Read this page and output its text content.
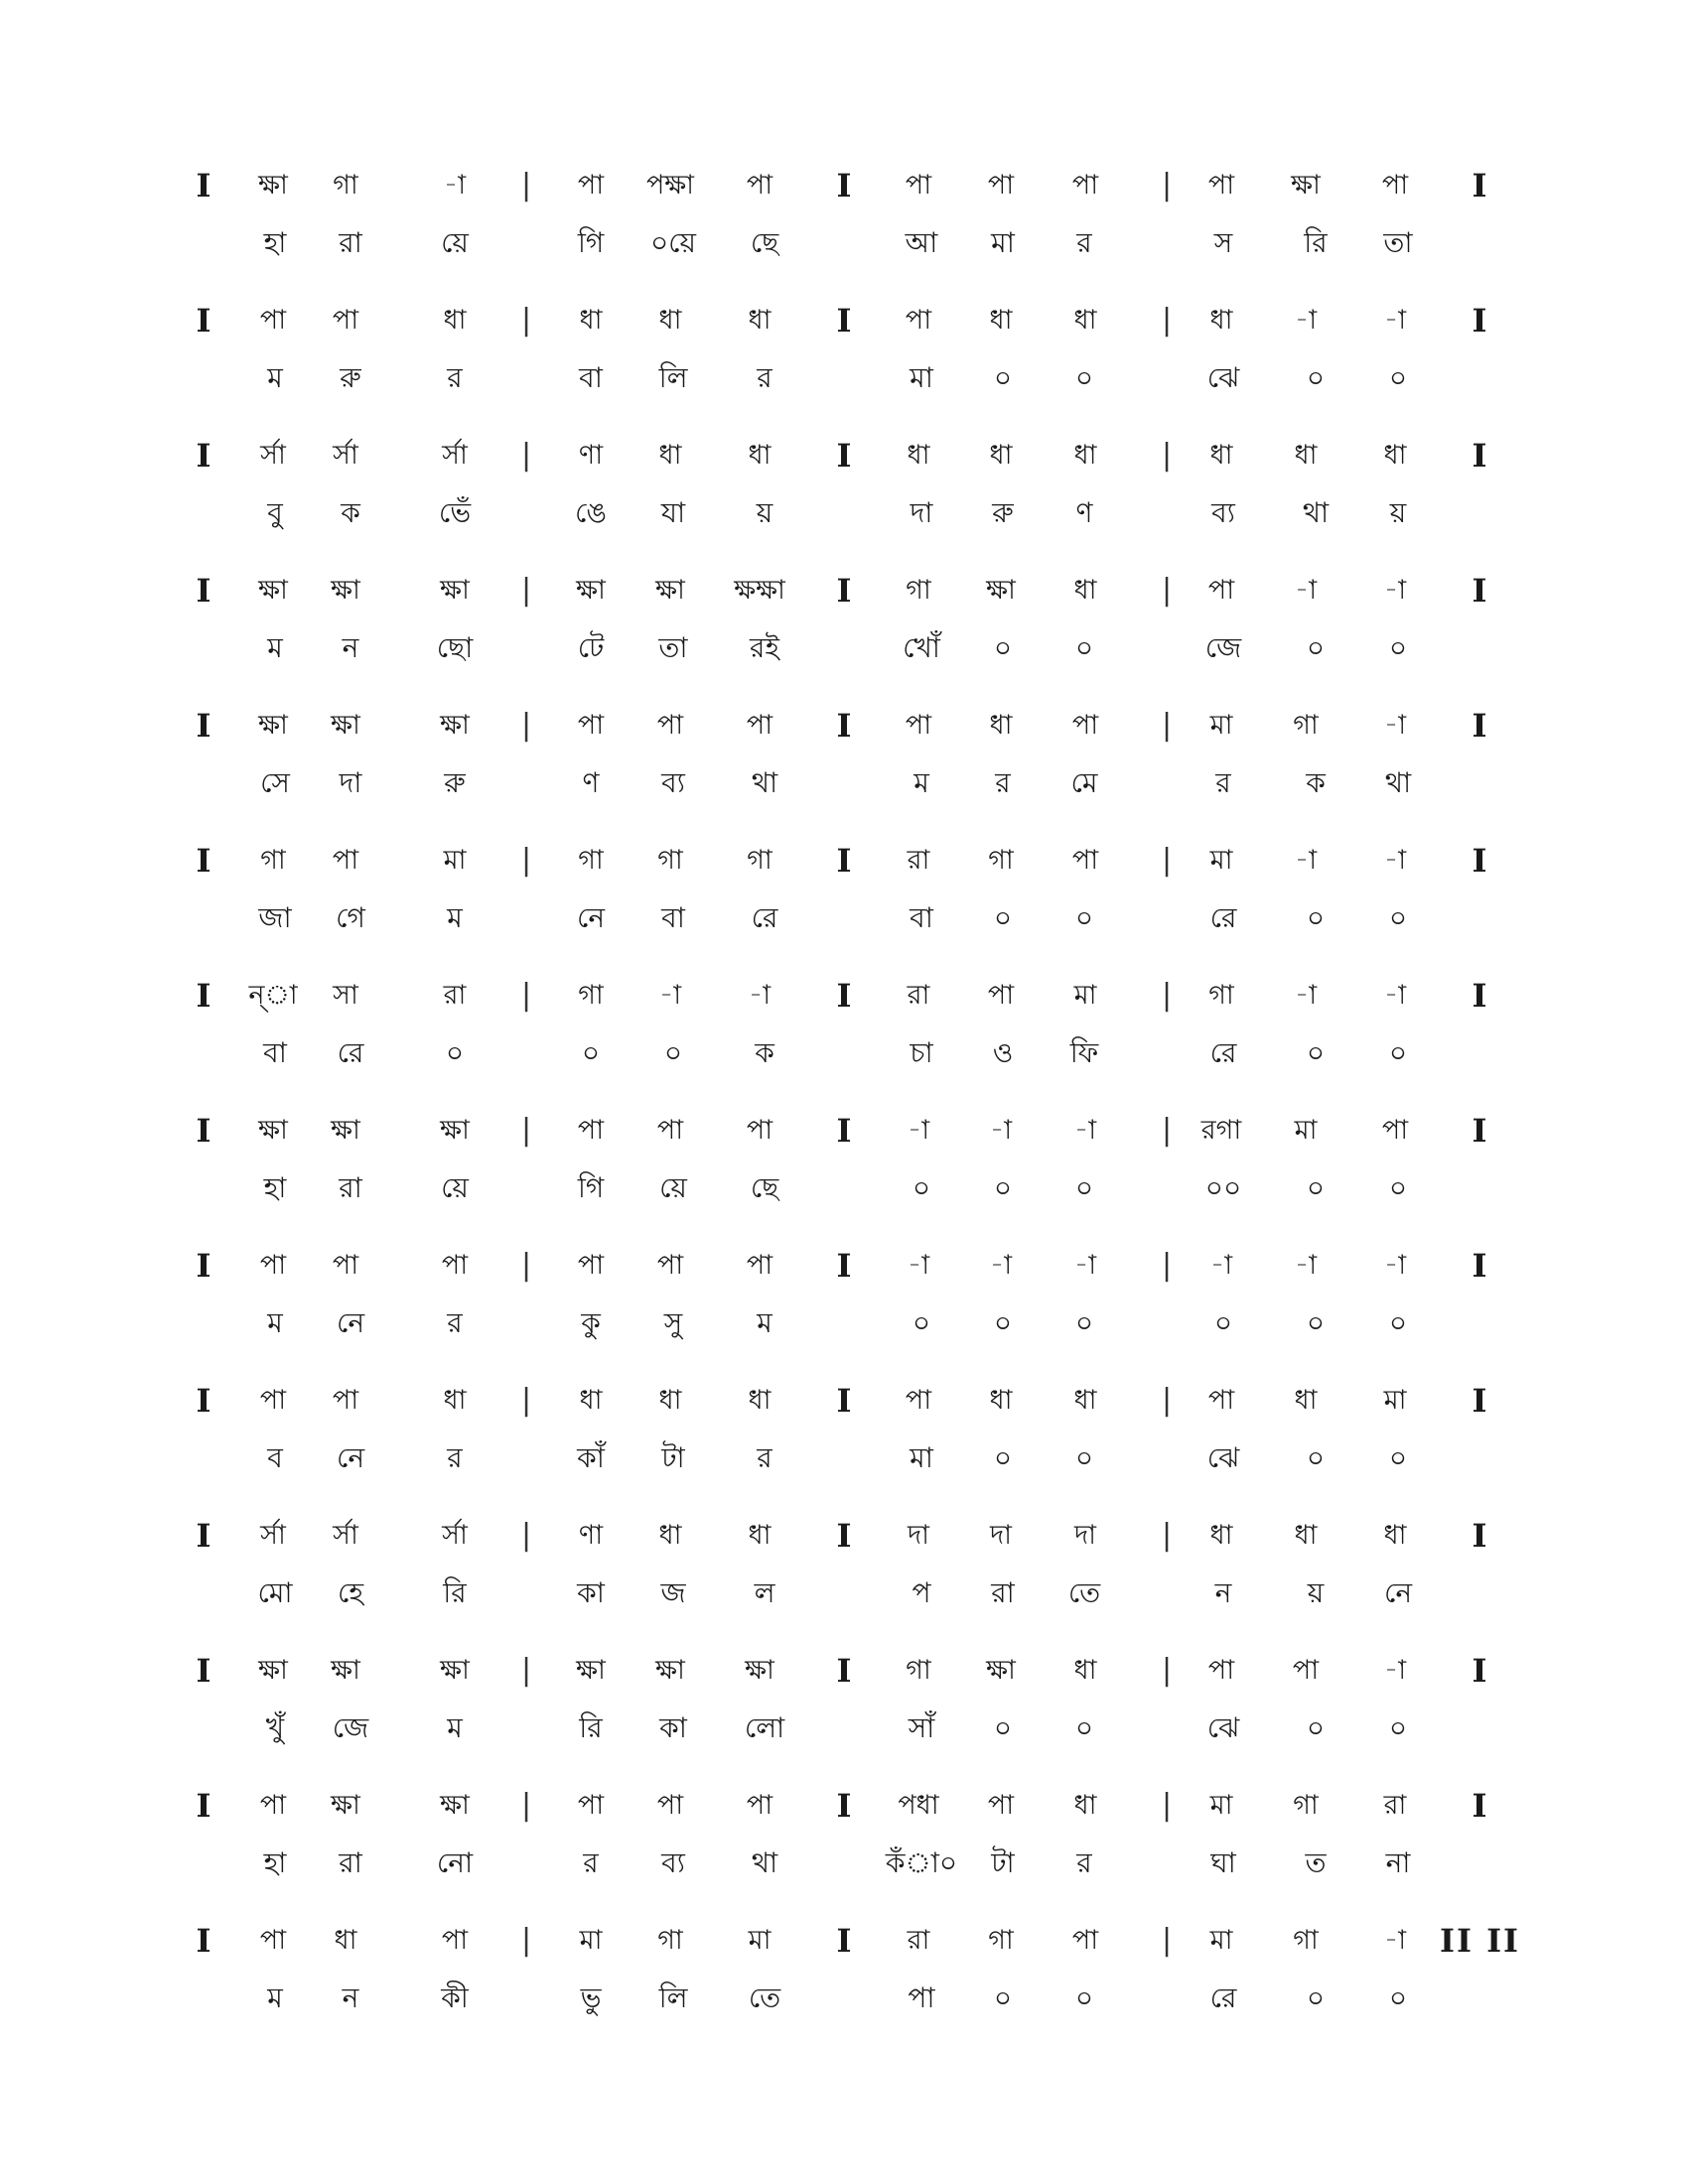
I	|	I	|	I
ক্ষা	গা	-া	পা	পক্ষা	পা	পা	পা	পা	পা	ক্ষা	পা
হা	রা	য়ে	গি	০য়ে	ছে	আ	মা	র	স	রি	তা
I	|	I	|	I
পা	পা	ধা	ধা	ধা	ধা	পা	ধা	ধা	ধা	-া	-া
ম	রু	র	বা	লি	র	মা	০	০	ঝে	০	০
I	|	I	|	I
র্সা	র্সা	র্সা	ণা	ধা	ধা	ধা	ধা	ধা	ধা	ধা	ধা
বু	ক	ভেঁ	ঙে	যা	য়	দা	রু	ণ	ব্য	থা	য়
I	|	I	|	I
ক্ষা	ক্ষা	ক্ষা	ক্ষা	ক্ষা	ক্ষক্ষা	গা	ক্ষা	ধা	পা	-া	-া
ম	ন	ছো	টে	তা	রই	খোঁ	০	০	জে	০	০
I	|	I	|	I
ক্ষা	ক্ষা	ক্ষা	পা	পা	পা	পা	ধা	পা	মা	গা	-া
সে	দা	রু	ণ	ব্য	থা	ম	র	মে	র	ক	থা
I	|	I	|	I
গা	পা	মা	গা	গা	গা	রা	গা	পা	মা	-া	-া
জা	গে	ম	নে	বা	রে	বা	০	০	রে	০	০
I	|	I	|	I
ন্‌া	সা	রা	গা	-া	-া	রা	পা	মা	গা	-া	-া
বা	রে	০	০	০	ক	চা	ও	ফি	রে	০	০
I	|	I	|	I
ক্ষা	ক্ষা	ক্ষা	পা	পা	পা	-া	-া	-া	রগা	মা	পা
হা	রা	য়ে	গি	য়ে	ছে	০	০	০	০০	০	০
I	|	I	|	I
পা	পা	পা	পা	পা	পা	-া	-া	-া	-া	-া	-া
ম	নে	র	কু	সু	ম	০	০	০	০	০	০
I	|	I	|	I
পা	পা	ধা	ধা	ধা	ধা	পা	ধা	ধা	পা	ধা	মা
ব	নে	র	কাঁ	টা	র	মা	০	০	ঝে	০	০
I	|	I	|	I
র্সা	র্সা	র্সা	ণা	ধা	ধা	দা	দা	দা	ধা	ধা	ধা
মো	হে	রি	কা	জ	ল	প	রা	তে	ন	য়	নে
I	|	I	|	I
ক্ষা	ক্ষা	ক্ষা	ক্ষা	ক্ষা	ক্ষা	গা	ক্ষা	ধা	পা	পা	-া
খুঁ	জে	ম	রি	কা	লো	সাঁ	০	০	ঝে	০	০
I	|	I	|	I
পা	ক্ষা	ক্ষা	পা	পা	পা	পধা	পা	ধা	মা	গা	রা
হা	রা	নো	র	ব্য	থা	কঁা০	টা	র	ঘা	ত	না
I	|	I	|	II II
পা	ধা	পা	মা	গা	মা	রা	গা	পা	মা	গা	-া
ম	ন	কী	ভু	লি	তে	পা	০	০	রে	০	০
